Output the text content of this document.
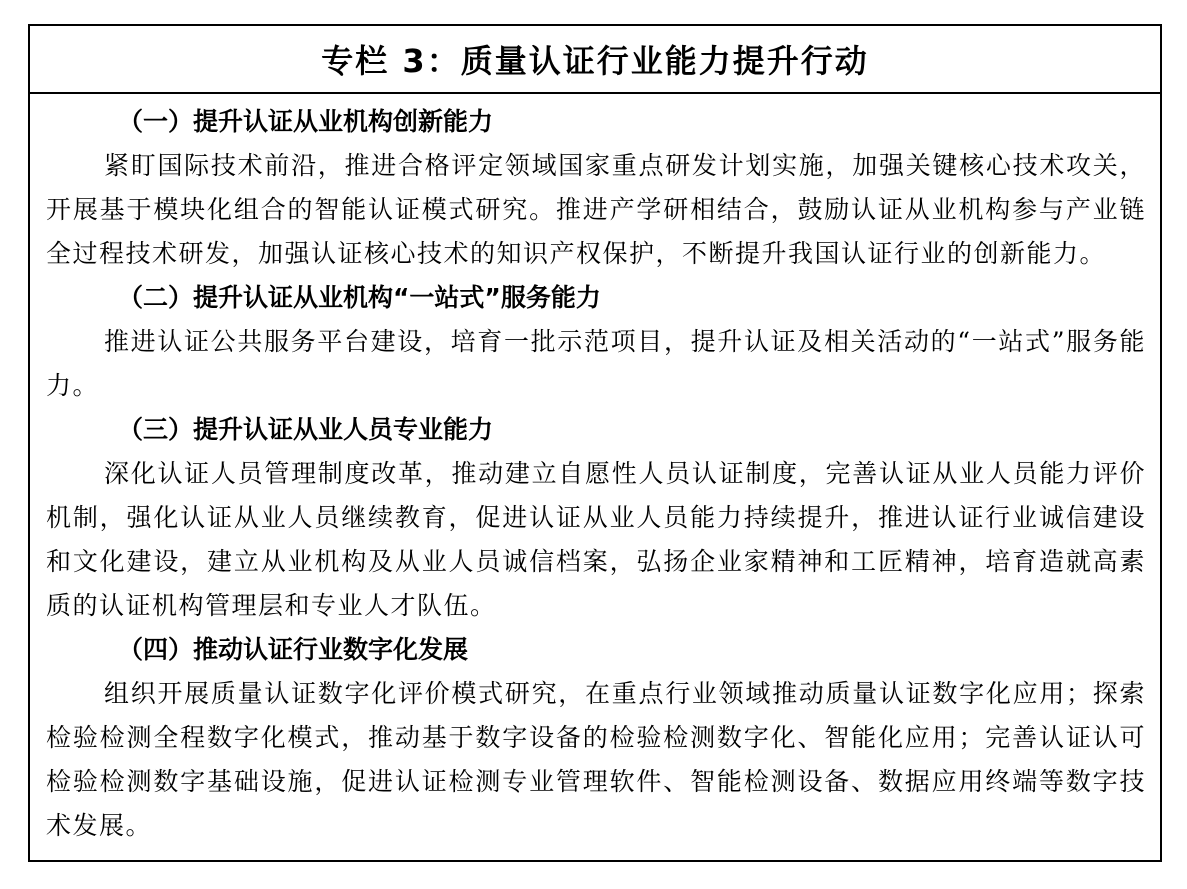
专栏 3：质量认证行业能力提升行动
（一）提升认证从业机构创新能力
紧盯国际技术前沿，推进合格评定领域国家重点研发计划实施，加强关键核心技术攻关，开展基于模块化组合的智能认证模式研究。推进产学研相结合，鼓励认证从业机构参与产业链全过程技术研发，加强认证核心技术的知识产权保护，不断提升我国认证行业的创新能力。
（二）提升认证从业机构“一站式”服务能力
推进认证公共服务平台建设，培育一批示范项目，提升认证及相关活动的“一站式”服务能力。
（三）提升认证从业人员专业能力
深化认证人员管理制度改革，推动建立自愿性人员认证制度，完善认证从业人员能力评价机制，强化认证从业人员继续教育，促进认证从业人员能力持续提升，推进认证行业诚信建设和文化建设，建立从业机构及从业人员诚信档案，弘扬企业家精神和工匠精神，培育造就高素质的认证机构管理层和专业人才队伍。
（四）推动认证行业数字化发展
组织开展质量认证数字化评价模式研究，在重点行业领域推动质量认证数字化应用；探索检验检测全程数字化模式，推动基于数字设备的检验检测数字化、智能化应用；完善认证认可检验检测数字基础设施，促进认证检测专业管理软件、智能检测设备、数据应用终端等数字技术发展。
